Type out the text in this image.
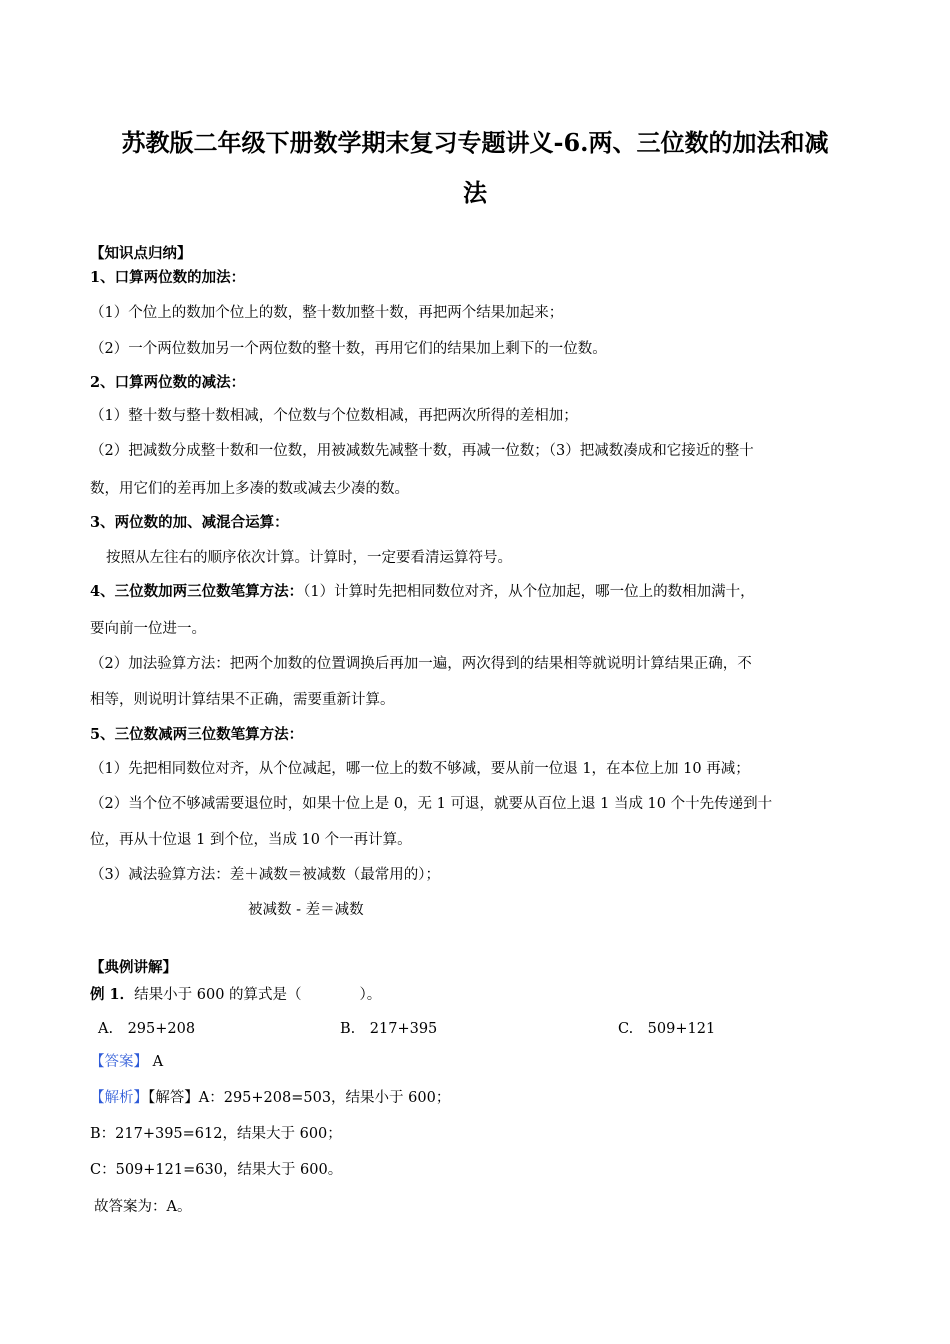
苏教版二年级下册数学期末复习专题讲义-6.两、三位数的加法和减
法
【知识点归纳】
1、口算两位数的加法：
（1）个位上的数加个位上的数，整十数加整十数，再把两个结果加起来；
（2）一个两位数加另一个两位数的整十数，再用它们的结果加上剩下的一位数。
2、口算两位数的减法：
（1）整十数与整十数相减，个位数与个位数相减，再把两次所得的差相加；
（2）把减数分成整十数和一位数，用被减数先减整十数，再减一位数；（3）把减数凑成和它接近的整十
数，用它们的差再加上多凑的数或减去少凑的数。
3、两位数的加、减混合运算：
按照从左往右的顺序依次计算。计算时，一定要看清运算符号。
4、三位数加两三位数笔算方法：（1）计算时先把相同数位对齐，从个位加起，哪一位上的数相加满十，
要向前一位进一。
（2）加法验算方法：把两个加数的位置调换后再加一遍，两次得到的结果相等就说明计算结果正确，不
相等，则说明计算结果不正确，需要重新计算。
5、三位数减两三位数笔算方法：
（1）先把相同数位对齐，从个位减起，哪一位上的数不够减，要从前一位退 1，在本位上加 10 再减；
（2）当个位不够减需要退位时，如果十位上是 0，无 1 可退，就要从百位上退 1 当成 10 个十先传递到十
位，再从十位退 1 到个位，当成 10 个一再计算。
（3）减法验算方法：差＋减数＝被减数（最常用的）；
被减数 - 差＝减数
【典例讲解】
例 1．结果小于 600 的算式是（　　　　）。
A.　295+208	B.　217+395	C.　509+121
【答案】 A
【解析】【解答】A：295+208=503，结果小于 600；
B：217+395=612，结果大于 600；
C：509+121=630，结果大于 600。
故答案为：A。
